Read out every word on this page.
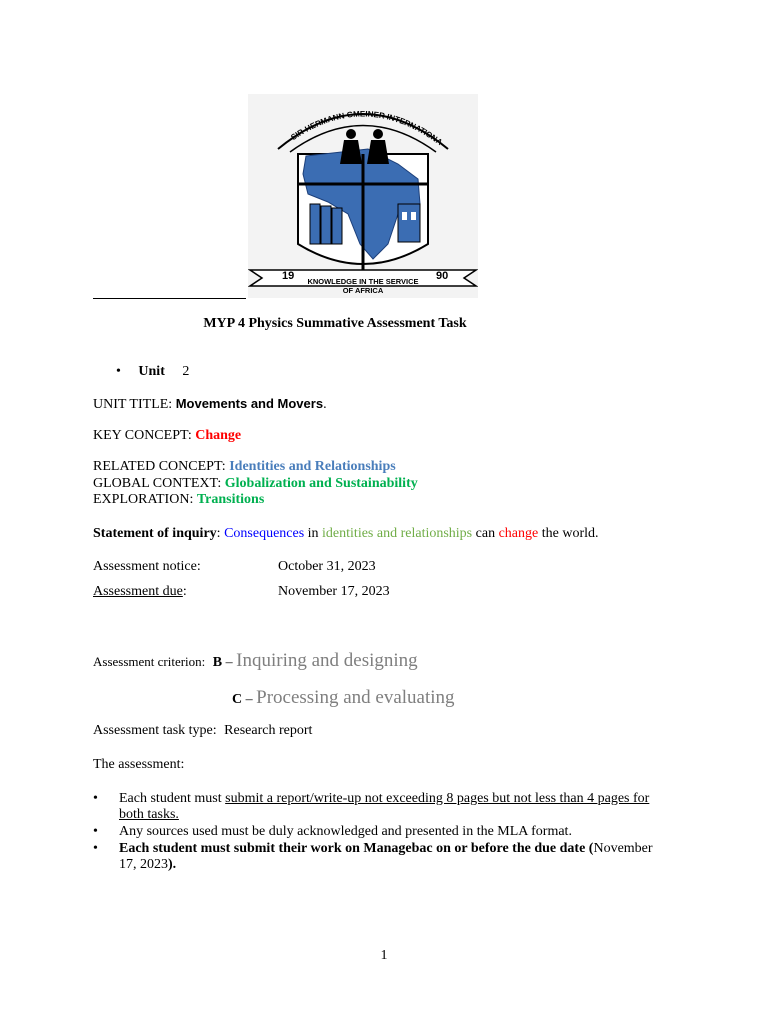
SIR-HERMANN GMEINER INTERNATIONA
19	90
KNOWLEDGE IN THE SERVICE
OF AFRICA
MYP 4 Physics Summative Assessment Task
• Unit 2
UNIT TITLE: Movements and Movers.
KEY CONCEPT: Change
RELATED CONCEPT: Identities and Relationships
GLOBAL CONTEXT: Globalization and Sustainability
EXPLORATION: Transitions
Statement of inquiry: Consequences in identities and relationships can change the world.
Assessment notice:	October 31, 2023
Assessment due:	November 17, 2023
Assessment criterion: B – Inquiring and designing
C – Processing and evaluating
Assessment task type: Research report
The assessment:
• Each student must submit a report/write-up not exceeding 8 pages but not less than 4 pages for both tasks.
• Any sources used must be duly acknowledged and presented in the MLA format.
• Each student must submit their work on Managebac on or before the due date (November 17, 2023).
1
